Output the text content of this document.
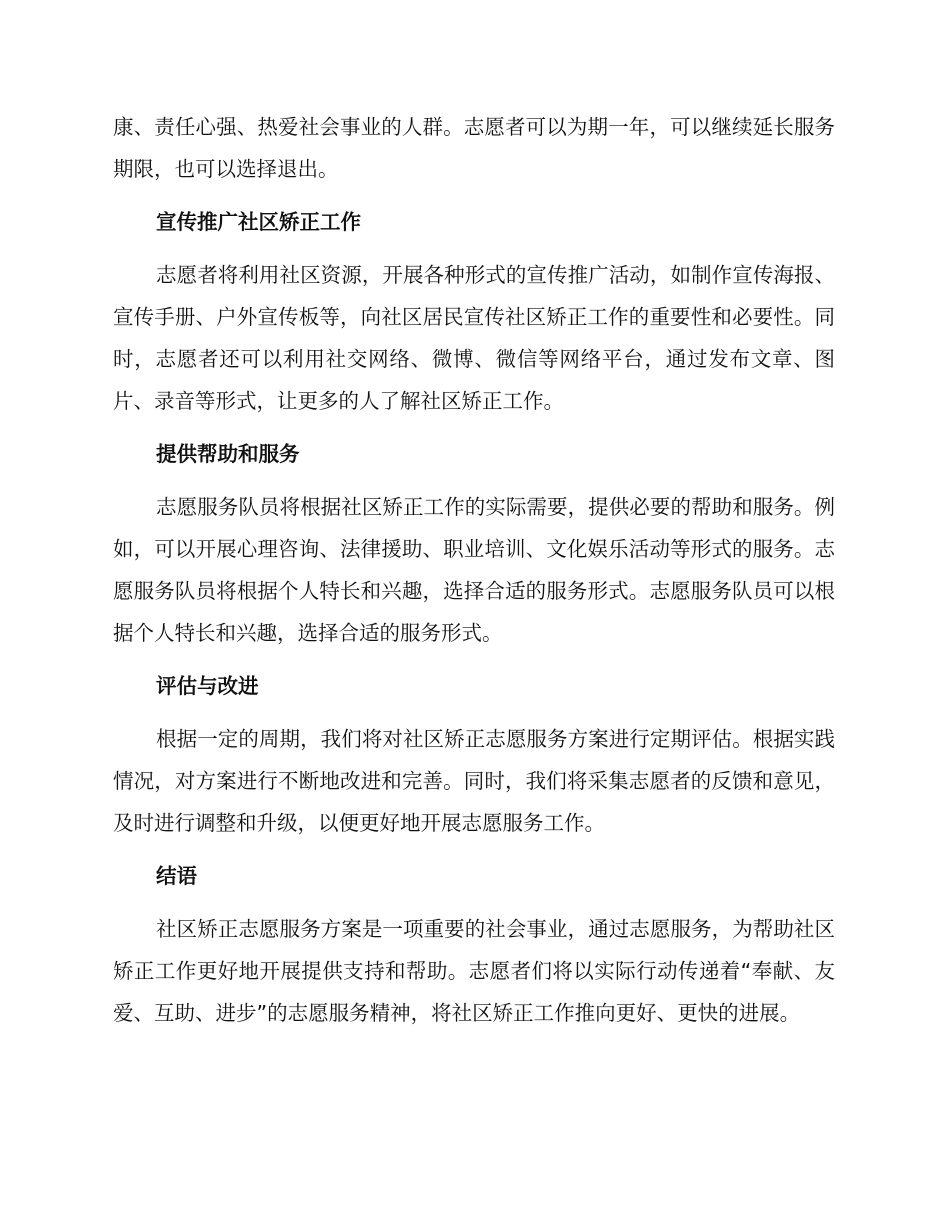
康、责任心强、热爱社会事业的人群。志愿者可以为期一年，可以继续延长服务期限，也可以选择退出。

宣传推广社区矫正工作

志愿者将利用社区资源，开展各种形式的宣传推广活动，如制作宣传海报、宣传手册、户外宣传板等，向社区居民宣传社区矫正工作的重要性和必要性。同时，志愿者还可以利用社交网络、微博、微信等网络平台，通过发布文章、图片、录音等形式，让更多的人了解社区矫正工作。

提供帮助和服务

志愿服务队员将根据社区矫正工作的实际需要，提供必要的帮助和服务。例如，可以开展心理咨询、法律援助、职业培训、文化娱乐活动等形式的服务。志愿服务队员将根据个人特长和兴趣，选择合适的服务形式。志愿服务队员可以根据个人特长和兴趣，选择合适的服务形式。

评估与改进

根据一定的周期，我们将对社区矫正志愿服务方案进行定期评估。根据实践情况，对方案进行不断地改进和完善。同时，我们将采集志愿者的反馈和意见，及时进行调整和升级，以便更好地开展志愿服务工作。

结语

社区矫正志愿服务方案是一项重要的社会事业，通过志愿服务，为帮助社区矫正工作更好地开展提供支持和帮助。志愿者们将以实际行动传递着“奉献、友爱、互助、进步”的志愿服务精神，将社区矫正工作推向更好、更快的进展。
